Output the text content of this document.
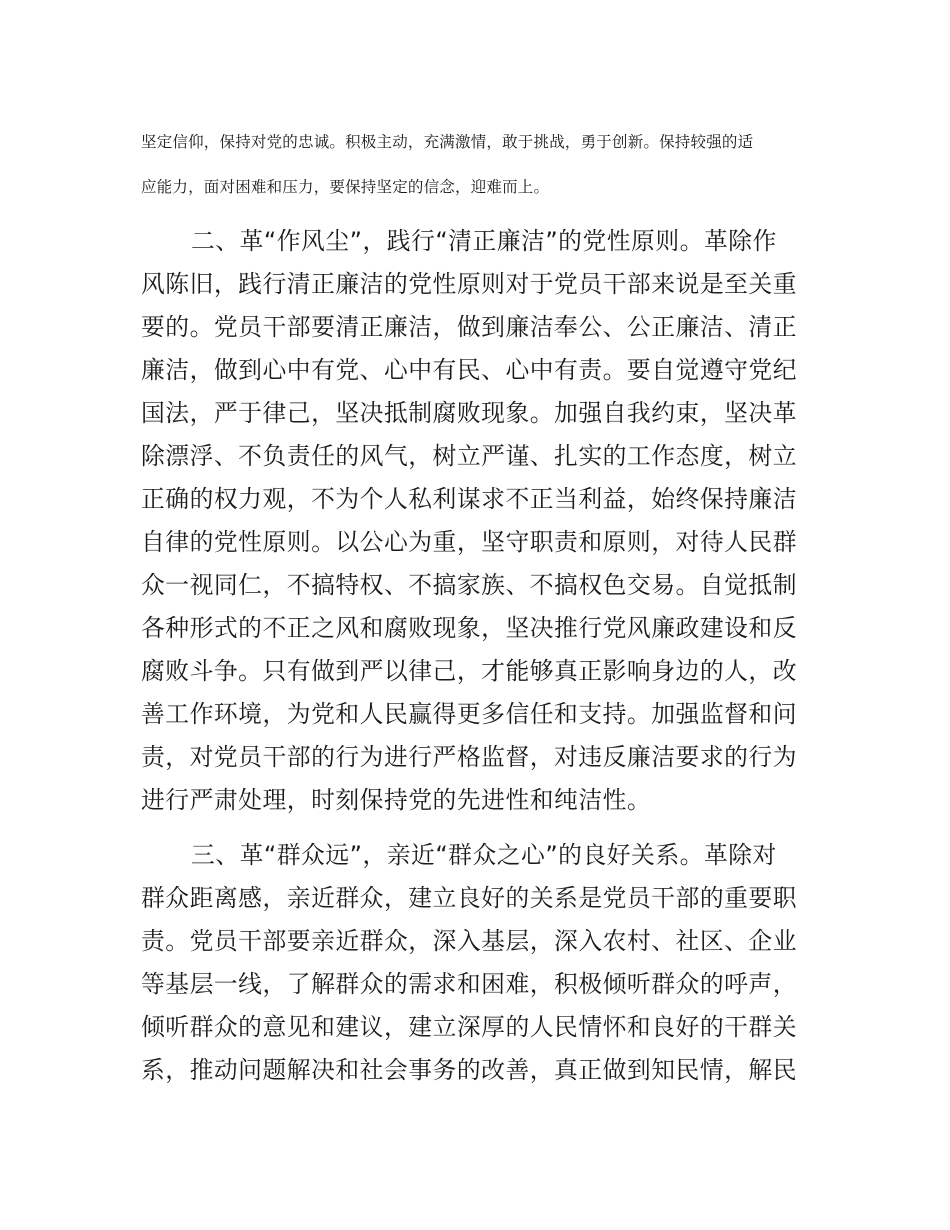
坚定信仰，保持对党的忠诚。积极主动，充满激情，敢于挑战，勇于创新。保持较强的适

应能力，面对困难和压力，要保持坚定的信念，迎难而上。

二、革“作风尘”，践行“清正廉洁”的党性原则。革除作

风陈旧，践行清正廉洁的党性原则对于党员干部来说是至关重

要的。党员干部要清正廉洁，做到廉洁奉公、公正廉洁、清正

廉洁，做到心中有党、心中有民、心中有责。要自觉遵守党纪

国法，严于律己，坚决抵制腐败现象。加强自我约束，坚决革

除漂浮、不负责任的风气，树立严谨、扎实的工作态度，树立

正确的权力观，不为个人私利谋求不正当利益，始终保持廉洁

自律的党性原则。以公心为重，坚守职责和原则，对待人民群

众一视同仁，不搞特权、不搞家族、不搞权色交易。自觉抵制

各种形式的不正之风和腐败现象，坚决推行党风廉政建设和反

腐败斗争。只有做到严以律己，才能够真正影响身边的人，改

善工作环境，为党和人民赢得更多信任和支持。加强监督和问

责，对党员干部的行为进行严格监督，对违反廉洁要求的行为

进行严肃处理，时刻保持党的先进性和纯洁性。

三、革“群众远”，亲近“群众之心”的良好关系。革除对

群众距离感，亲近群众，建立良好的关系是党员干部的重要职

责。党员干部要亲近群众，深入基层，深入农村、社区、企业

等基层一线，了解群众的需求和困难，积极倾听群众的呼声，

倾听群众的意见和建议，建立深厚的人民情怀和良好的干群关

系，推动问题解决和社会事务的改善，真正做到知民情，解民
